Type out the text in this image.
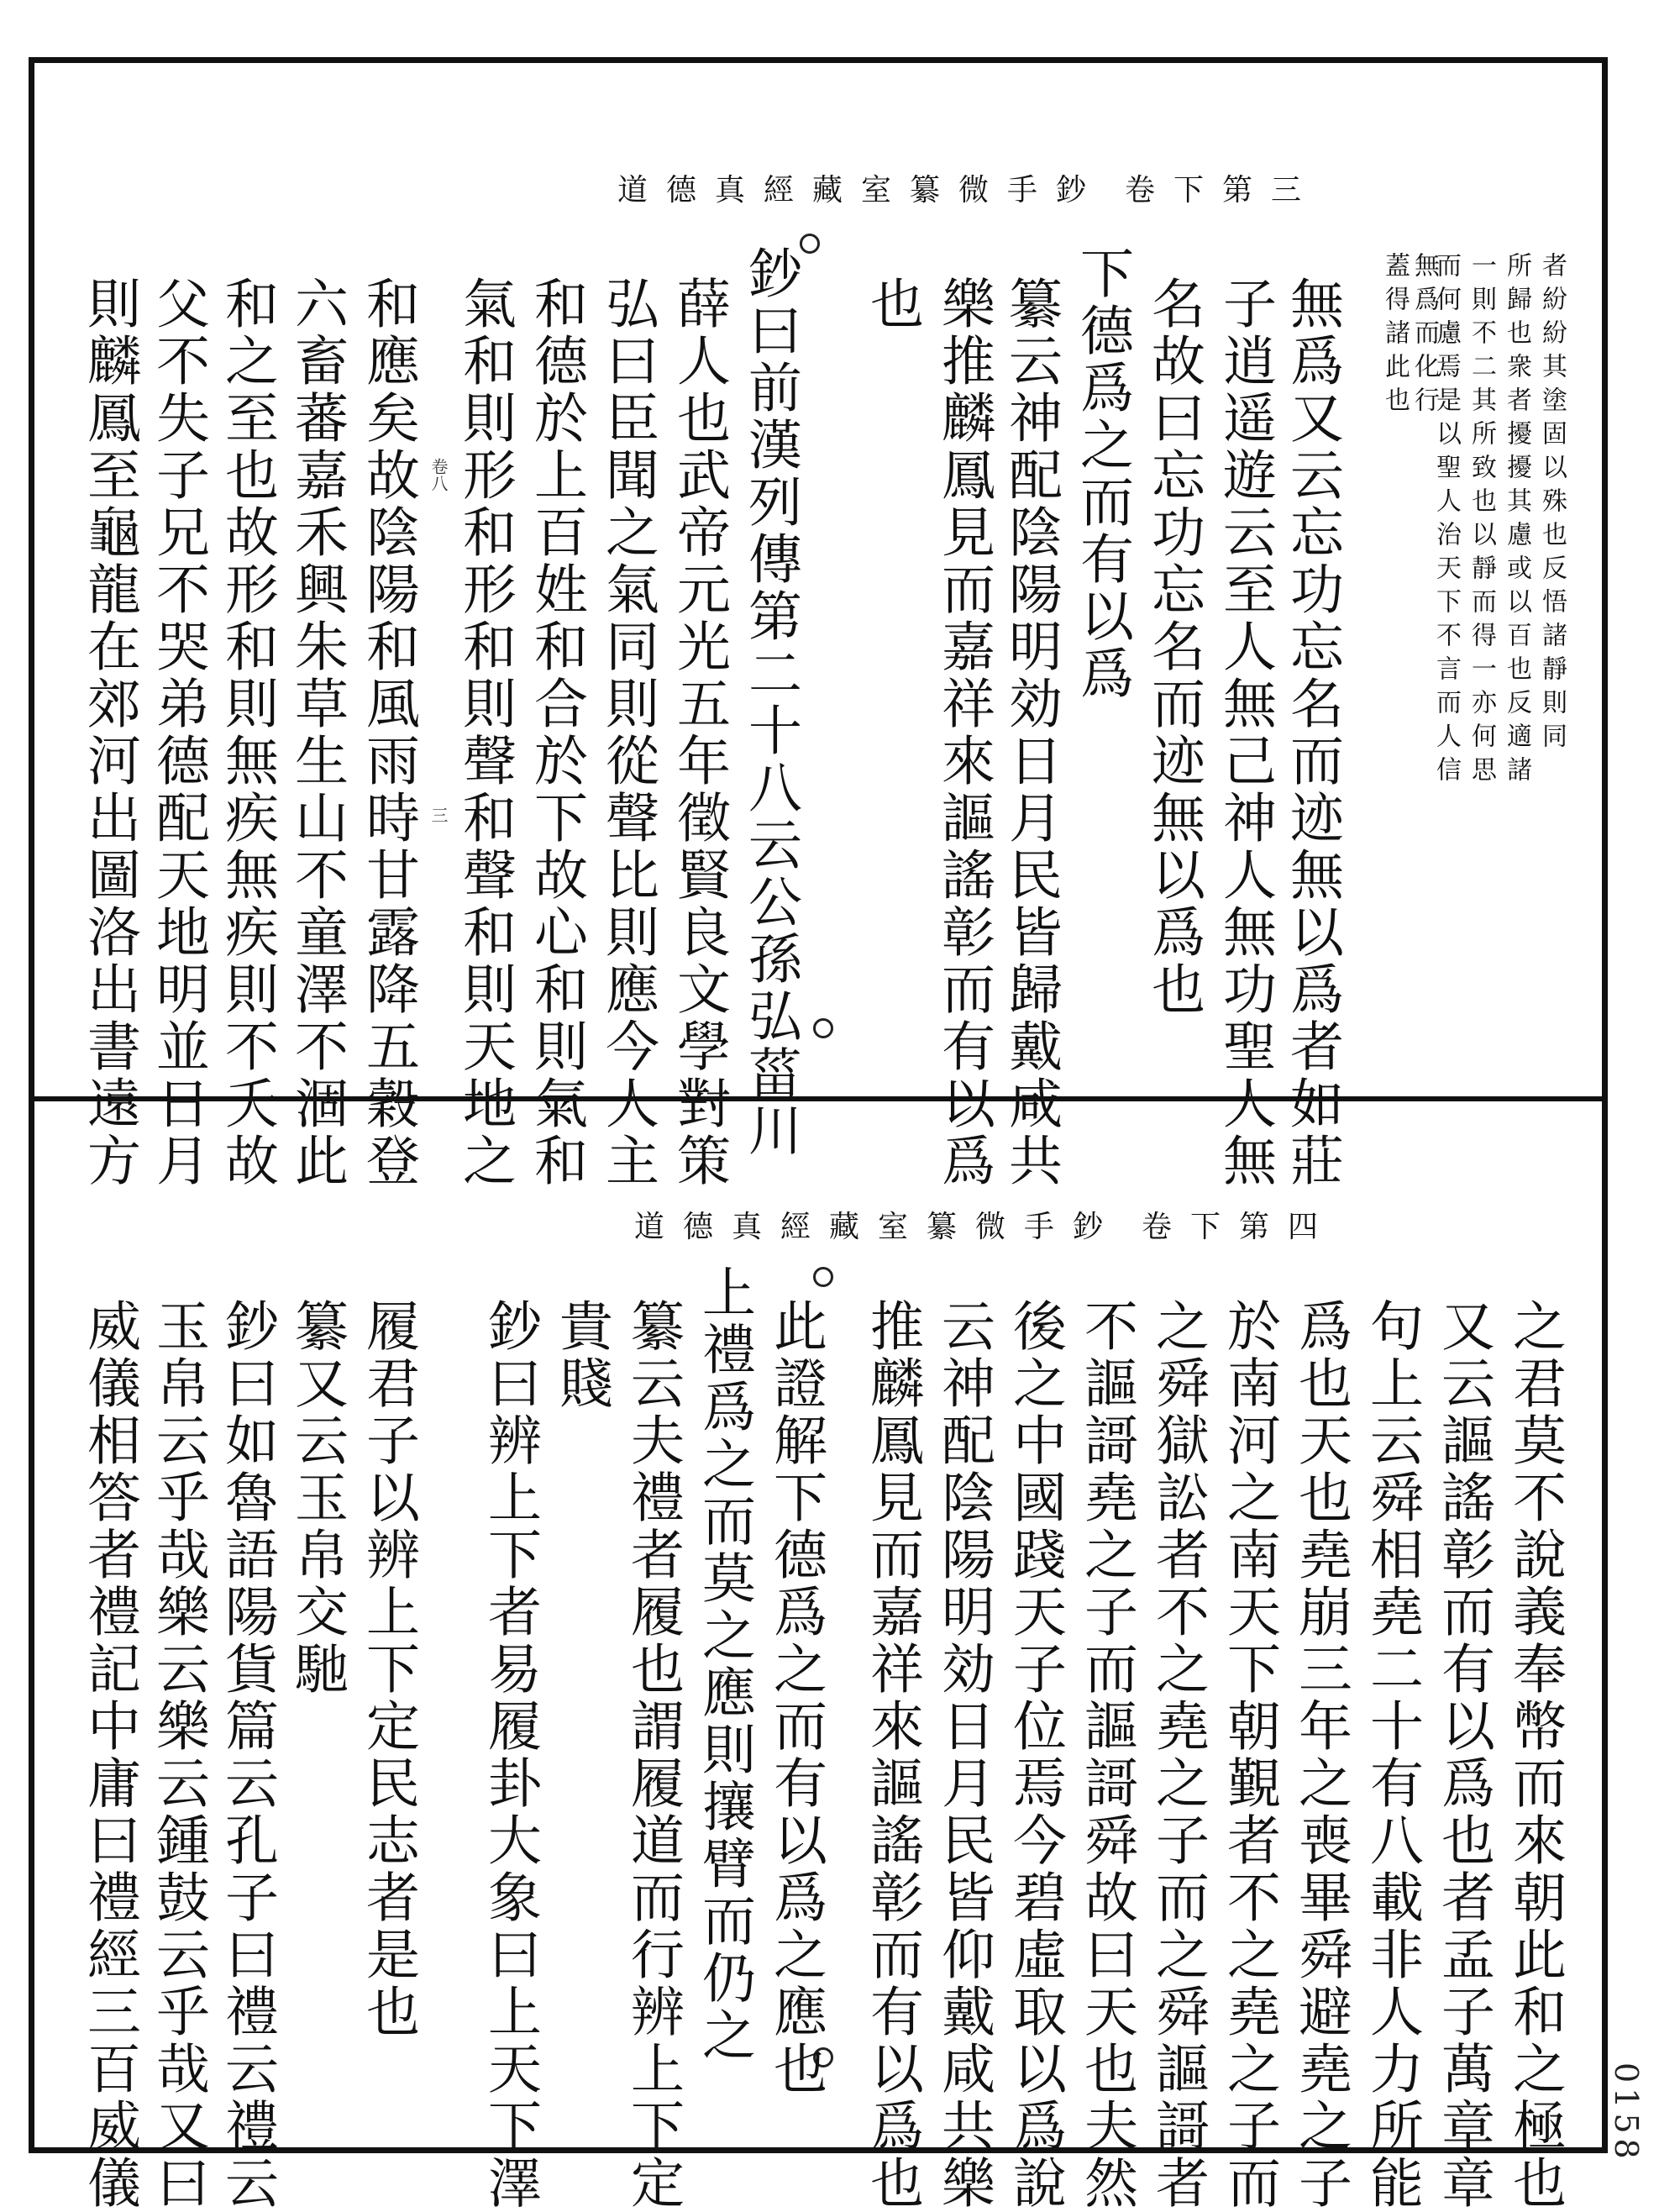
道德真經藏室纂微手鈔 卷下第三
者紛紛其塗固以殊也反悟諸靜則同
所歸也衆者擾擾其慮或以百也反適諸
一則不二其所致也以靜而得一亦何思
而何慮焉是以聖人治天下不言而人信
無爲而化行
蓋得諸此也
無爲又云忘功忘名而迹無以爲者如莊
子逍遥遊云至人無己神人無功聖人無
名故曰忘功忘名而迹無以爲也
下德爲之而有以爲
纂云神配陰陽明効日月民皆歸戴咸共
樂推麟鳳見而嘉祥來謳謠彰而有以爲
也
鈔曰前漢列傳第二十八云公孫弘菑川
薛人也武帝元光五年徵賢良文學對策
弘曰臣聞之氣同則從聲比則應今人主
和德於上百姓和合於下故心和則氣和
氣和則形和形和則聲和聲和則天地之
卷八
三
和應矣故陰陽和風雨時甘露降五穀登
六畜蕃嘉禾興朱草生山不童澤不涸此
和之至也故形和則無疾無疾則不夭故
父不失子兄不哭弟德配天地明並日月
則麟鳳至龜龍在郊河出圖洛出書遠方
道德真經藏室纂微手鈔 卷下第四
之君莫不說義奉幣而來朝此和之極也
又云謳謠彰而有以爲也者孟子萬章章
句上云舜相堯二十有八載非人力所能
爲也天也堯崩三年之喪畢舜避堯之子
於南河之南天下朝覲者不之堯之子而
之舜獄訟者不之堯之子而之舜謳謌者
不謳謌堯之子而謳謌舜故曰天也夫然
後之中國踐天子位焉今碧虛取以爲說
云神配陰陽明効日月民皆仰戴咸共樂
推麟鳳見而嘉祥來謳謠彰而有以爲也
此證解下德爲之而有以爲之應也
上禮爲之而莫之應則攘臂而仍之
纂云夫禮者履也謂履道而行辨上下定
貴賤
鈔曰辨上下者易履卦大象曰上天下澤
履君子以辨上下定民志者是也
纂又云玉帛交馳
鈔曰如魯語陽貨篇云孔子曰禮云禮云
玉帛云乎哉樂云樂云鍾鼓云乎哉又曰
威儀相答者禮記中庸曰禮經三百威儀	0158
